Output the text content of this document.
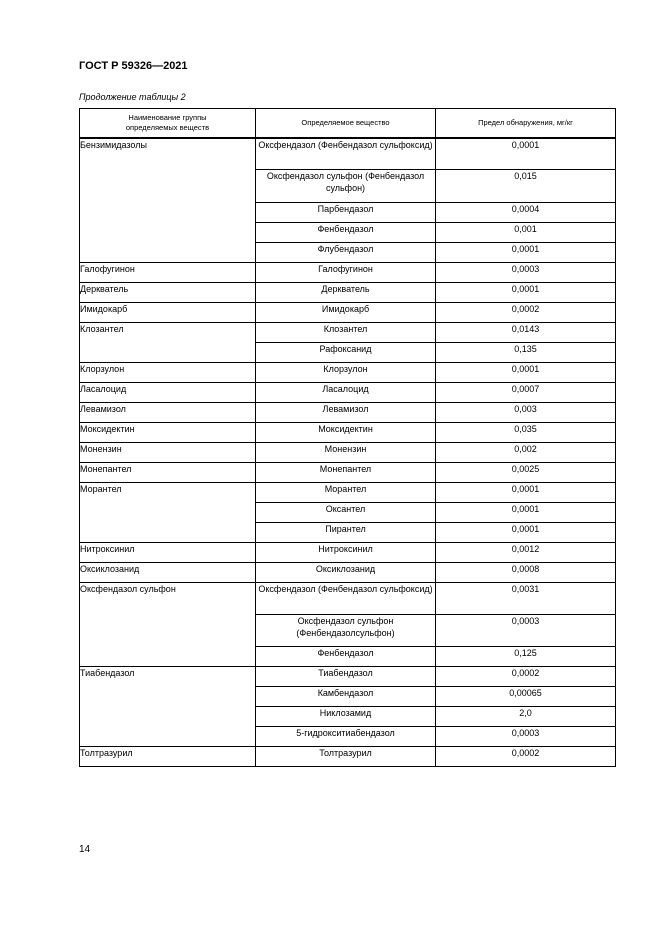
ГОСТ Р 59326—2021
Продолжение таблицы 2
Наименование группы определяемых веществ	Определяемое вещество	Предел обнаружения, мг/кг
Бензимидазолы	Оксфендазол (Фенбендазол сульфоксид)	0,0001
	Оксфендазол сульфон (Фенбендазол сульфон)	0,015
	Парбендазол	0,0004
	Фенбендазол	0,001
	Флубендазол	0,0001
Галофугинон	Галофугинон	0,0003
Деркватель	Деркватель	0,0001
Имидокарб	Имидокарб	0,0002
Клозантел	Клозантел	0,0143
	Рафоксанид	0,135
Клорзулон	Клорзулон	0,0001
Ласалоцид	Ласалоцид	0,0007
Левамизол	Левамизол	0,003
Моксидектин	Моксидектин	0,035
Монензин	Монензин	0,002
Монепантел	Монепантел	0,0025
Морантел	Морантел	0,0001
	Оксантел	0,0001
	Пирантел	0,0001
Нитроксинил	Нитроксинил	0,0012
Оксиклозанид	Оксиклозанид	0,0008
Оксфендазол сульфон	Оксфендазол (Фенбендазол сульфоксид)	0,0031
	Оксфендазол сульфон (Фенбендазолсульфон)	0,0003
	Фенбендазол	0,125
Тиабендазол	Тиабендазол	0,0002
	Камбендазол	0,00065
	Никлозамид	2,0
	5-гидрокситиабендазол	0,0003
Толтразурил	Толтразурил	0,0002
14
